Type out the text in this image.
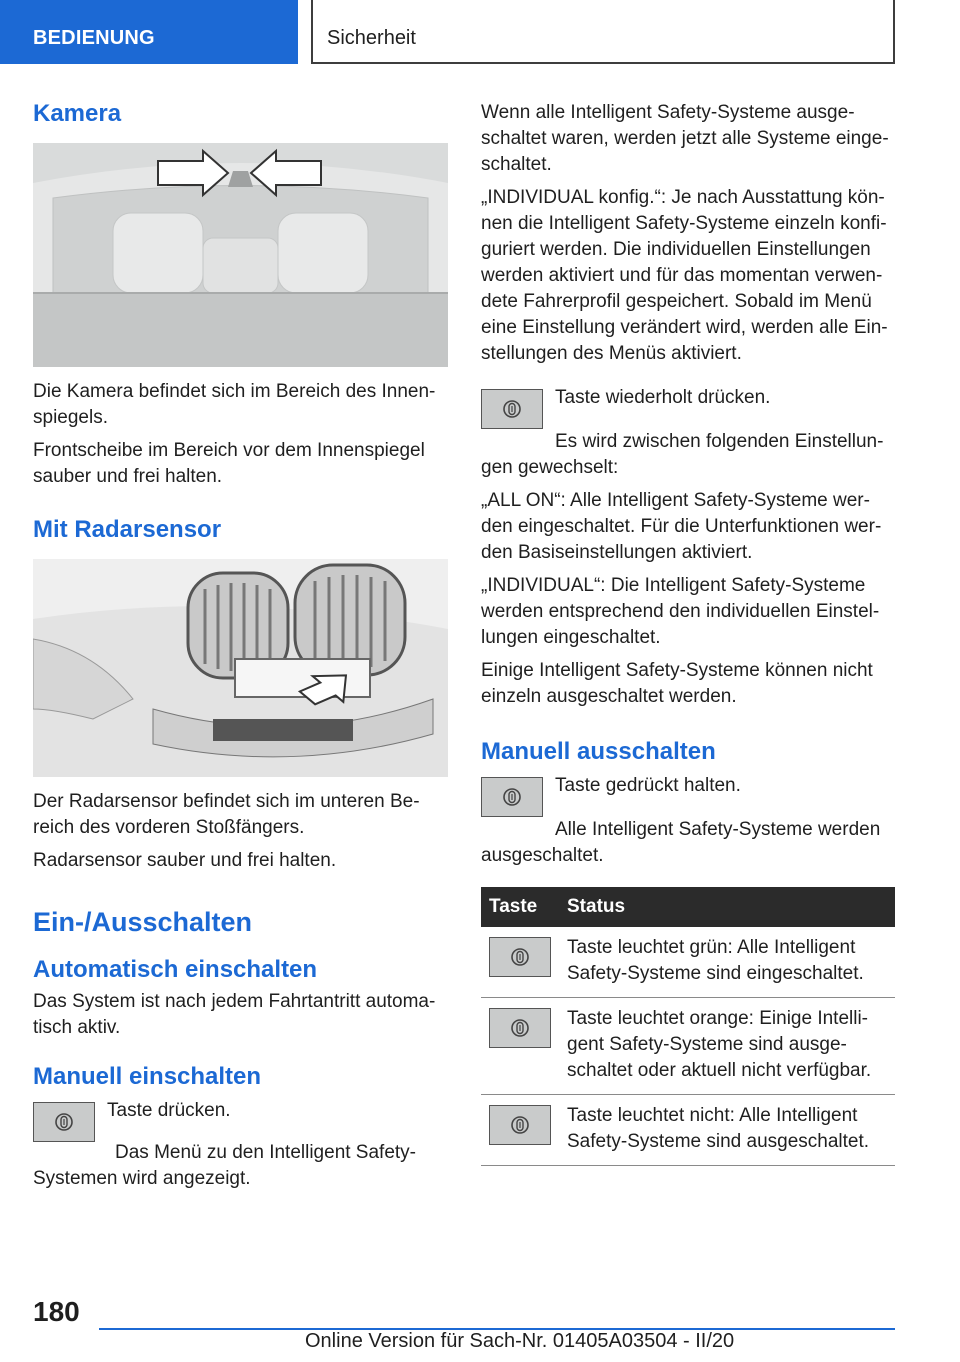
BEDIENUNG	Sicherheit
Kamera

Die Kamera befindet sich im Bereich des Innen-spiegels.

Frontscheibe im Bereich vor dem Innenspiegel sauber und frei halten.

Mit Radarsensor

Der Radarsensor befindet sich im unteren Be-reich des vorderen Stoßfängers.

Radarsensor sauber und frei halten.

Ein-/Ausschalten
Automatisch einschalten

Das System ist nach jedem Fahrtantritt automa-tisch aktiv.

Manuell einschalten

Taste drücken.

Das Menü zu den Intelligent Safety-Systemen wird angezeigt.

Wenn alle Intelligent Safety-Systeme ausge-schaltet waren, werden jetzt alle Systeme einge-schaltet.

„INDIVIDUAL konfig.“: Je nach Ausstattung kön-nen die Intelligent Safety-Systeme einzeln konfi-guriert werden. Die individuellen Einstellungen werden aktiviert und für das momentan verwen-dete Fahrerprofil gespeichert. Sobald im Menü eine Einstellung verändert wird, werden alle Ein-stellungen des Menüs aktiviert.

Taste wiederholt drücken.

Es wird zwischen folgenden Einstellun-gen gewechselt:

„ALL ON“: Alle Intelligent Safety-Systeme wer-den eingeschaltet. Für die Unterfunktionen wer-den Basiseinstellungen aktiviert.

„INDIVIDUAL“: Die Intelligent Safety-Systeme werden entsprechend den individuellen Einstel-lungen eingeschaltet.

Einige Intelligent Safety-Systeme können nicht einzeln ausgeschaltet werden.

Manuell ausschalten

Taste gedrückt halten.

Alle Intelligent Safety-Systeme werden ausgeschaltet.

Taste	Status

	Taste leuchtet grün: Alle Intelligent Safety-Systeme sind eingeschaltet.

	Taste leuchtet orange: Einige Intelli-gent Safety-Systeme sind ausge-schaltet oder aktuell nicht verfügbar.

	Taste leuchtet nicht: Alle Intelligent Safety-Systeme sind ausgeschaltet.
180
Online Version für Sach-Nr. 01405A03504 - II/20
